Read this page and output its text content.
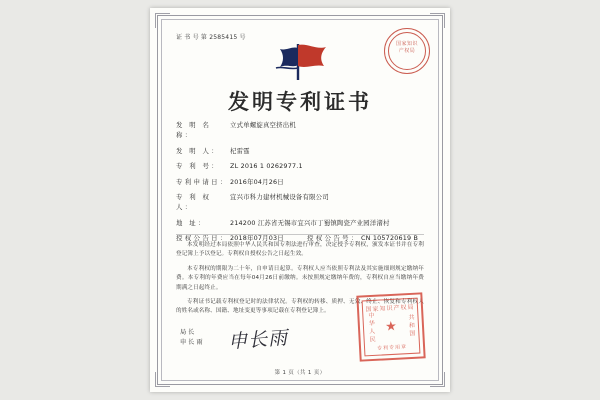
证 书 号 第 2585415 号
国家知识
产权局
发明专利证书
发 明 名 称：
立式单螺旋真空挤出机
发 明 人：	杞雷霆
专 利 号：	ZL 2016 1 0262977.1
专利申请日： 2016年04月26日
专 利 权 人：
宜兴市科力建材机械设备有限公司
地 址：	214200 江苏省无锡市宜兴市丁蜀镇陶瓷产业园洋渚村
授权公告日： 2018年07月03日	授权公告号： CN 105720619 B

本发明经过本局依照中华人民共和国专利法进行审查，决定授予专利权，颁发本证书并在专利登记簿上予以登记。专利权自授权公告之日起生效。

本专利权的期限为二十年，自申请日起算。专利权人应当依照专利法及其实施细则规定缴纳年费。本专利的年费应当在每年04月26日前缴纳。未按照规定缴纳年费的，专利权自应当缴纳年费期满之日起终止。

专利证书记载专利权登记时的法律状况。专利权的转移、质押、无效、终止、恢复和专利权人的姓名或名称、国籍、地址变更等事项记载在专利登记簿上。

局长
申长雨 申长雨
国家知识产权局
中华人民	共和国
★
专利专用章
第 1 页（共 1 页）
